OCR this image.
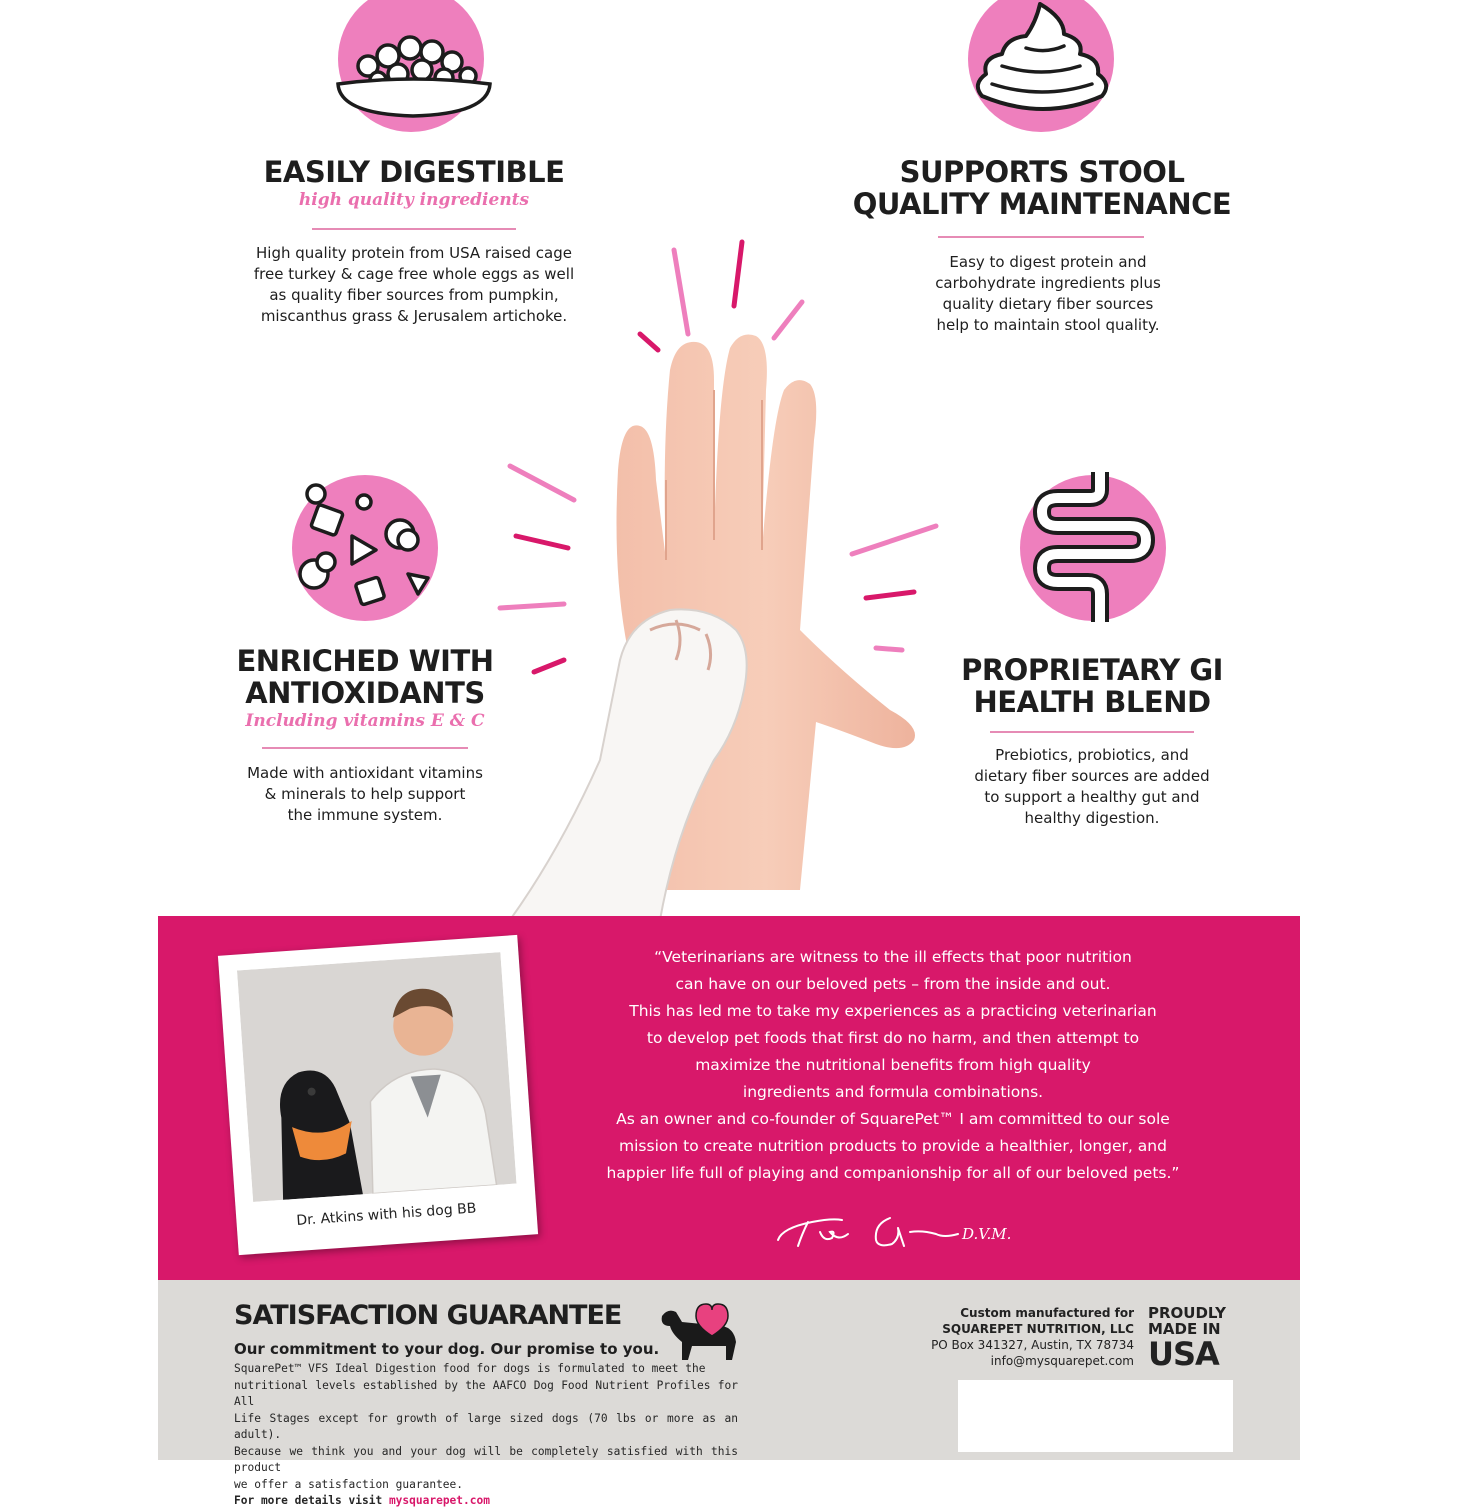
EASILY DIGESTIBLE
high quality ingredients
High quality protein from USA raised cage
free turkey & cage free whole eggs as well
as quality fiber sources from pumpkin,
miscanthus grass & Jerusalem artichoke.
SUPPORTS STOOL
QUALITY MAINTENANCE
Easy to digest protein and
carbohydrate ingredients plus
quality dietary fiber sources
help to maintain stool quality.
ENRICHED WITH
ANTIOXIDANTS
Including vitamins E & C
Made with antioxidant vitamins
& minerals to help support
the immune system.
PROPRIETARY GI
HEALTH BLEND
Prebiotics, probiotics, and
dietary fiber sources are added
to support a healthy gut and
healthy digestion.
Dr. Atkins with his dog BB
“Veterinarians are witness to the ill effects that poor nutrition
can have on our beloved pets – from the inside and out.
This has led me to take my experiences as a practicing veterinarian
to develop pet foods that first do no harm, and then attempt to
maximize the nutritional benefits from high quality
ingredients and formula combinations.
As an owner and co-founder of SquarePet™ I am committed to our sole
mission to create nutrition products to provide a healthier, longer, and
happier life full of playing and companionship for all of our beloved pets.”
D.V.M.
SATISFACTION GUARANTEE
Our commitment to your dog. Our promise to you.
SquarePet™ VFS Ideal Digestion food for dogs is formulated to meet the
nutritional levels established by the AAFCO Dog Food Nutrient Profiles for All
Life Stages except for growth of large sized dogs (70 lbs or more as an adult).
Because we think you and your dog will be completely satisfied with this product
we offer a satisfaction guarantee.
For more details visit mysquarepet.com
Custom manufactured for
SQUAREPET NUTRITION, LLC
PO Box 341327, Austin, TX 78734
info@mysquarepet.com
PROUDLY
MADE IN
USA
